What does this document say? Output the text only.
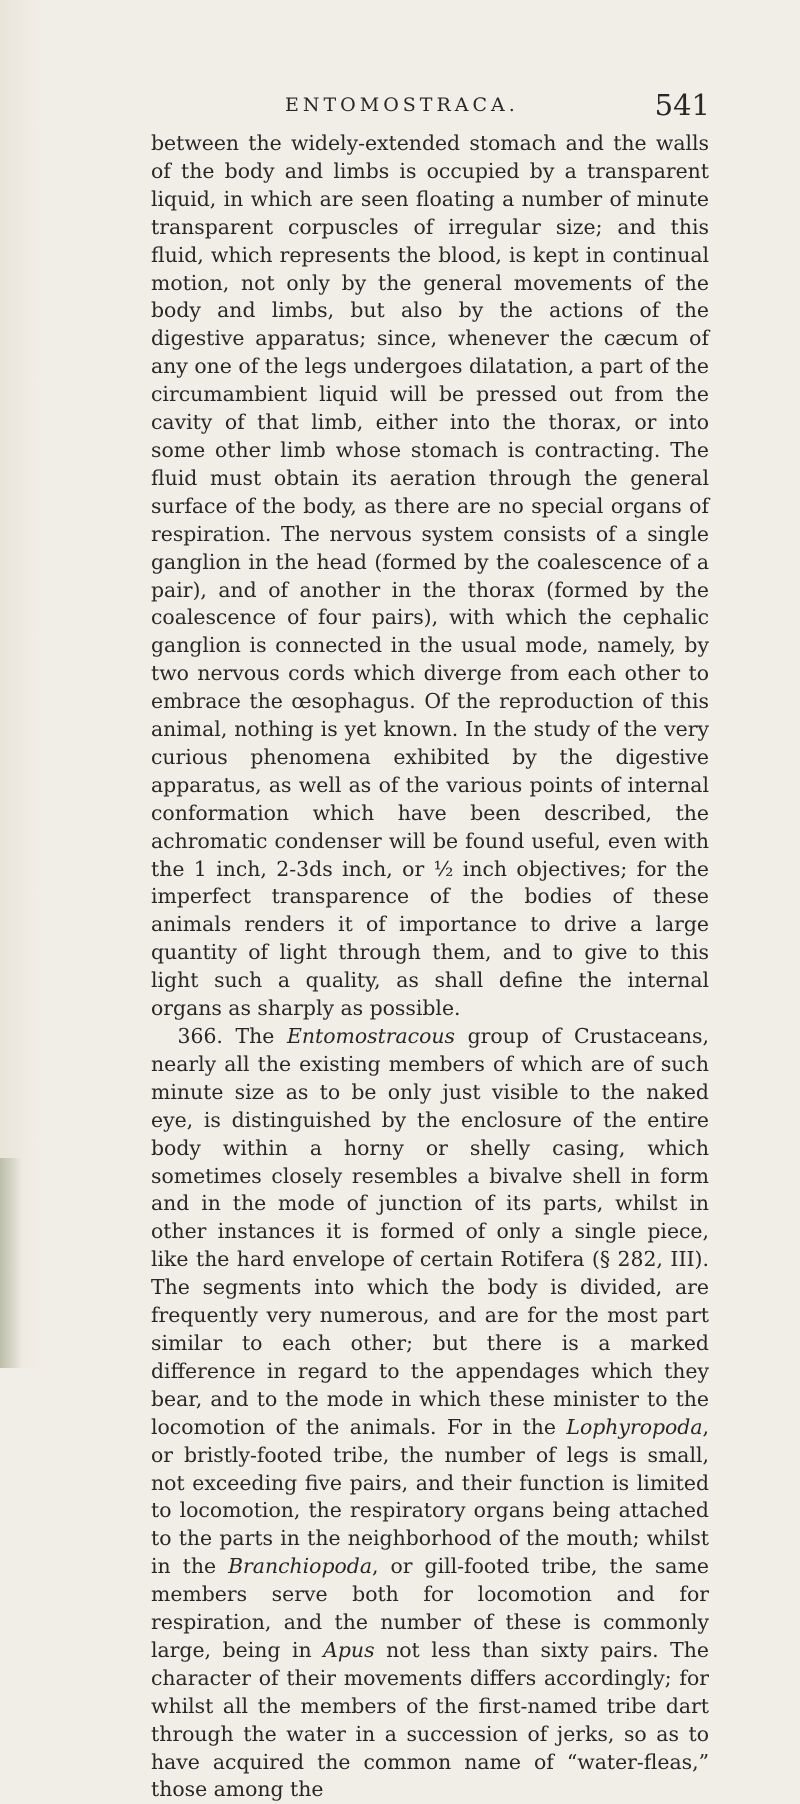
ENTOMOSTRACA.	541

between the widely-extended stomach and the walls of the body and limbs is occupied by a transparent liquid, in which are seen floating a number of minute transparent corpuscles of irregular size; and this fluid, which represents the blood, is kept in continual motion, not only by the general movements of the body and limbs, but also by the actions of the digestive apparatus; since, whenever the cæcum of any one of the legs undergoes dilatation, a part of the circumambient liquid will be pressed out from the cavity of that limb, either into the thorax, or into some other limb whose stomach is contracting. The fluid must obtain its aeration through the general surface of the body, as there are no special organs of respiration. The nervous system consists of a single ganglion in the head (formed by the coalescence of a pair), and of another in the thorax (formed by the coalescence of four pairs), with which the cephalic ganglion is connected in the usual mode, namely, by two nervous cords which diverge from each other to embrace the œsophagus. Of the reproduction of this animal, nothing is yet known. In the study of the very curious phenomena exhibited by the digestive apparatus, as well as of the various points of internal conformation which have been described, the achromatic condenser will be found useful, even with the 1 inch, 2-3ds inch, or ½ inch objectives; for the imperfect transparence of the bodies of these animals renders it of importance to drive a large quantity of light through them, and to give to this light such a quality, as shall define the internal organs as sharply as possible.

366. The Entomostracous group of Crustaceans, nearly all the existing members of which are of such minute size as to be only just visible to the naked eye, is distinguished by the enclosure of the entire body within a horny or shelly casing, which sometimes closely resembles a bivalve shell in form and in the mode of junction of its parts, whilst in other instances it is formed of only a single piece, like the hard envelope of certain Rotifera (§ 282, III). The segments into which the body is divided, are frequently very numerous, and are for the most part similar to each other; but there is a marked difference in regard to the appendages which they bear, and to the mode in which these minister to the locomotion of the animals. For in the Lophyropoda, or bristly-footed tribe, the number of legs is small, not exceeding five pairs, and their function is limited to locomotion, the respiratory organs being attached to the parts in the neighborhood of the mouth; whilst in the Branchiopoda, or gill-footed tribe, the same members serve both for locomotion and for respiration, and the number of these is commonly large, being in Apus not less than sixty pairs. The character of their movements differs accordingly; for whilst all the members of the first-named tribe dart through the water in a succession of jerks, so as to have acquired the common name of “water-fleas,” those among the
